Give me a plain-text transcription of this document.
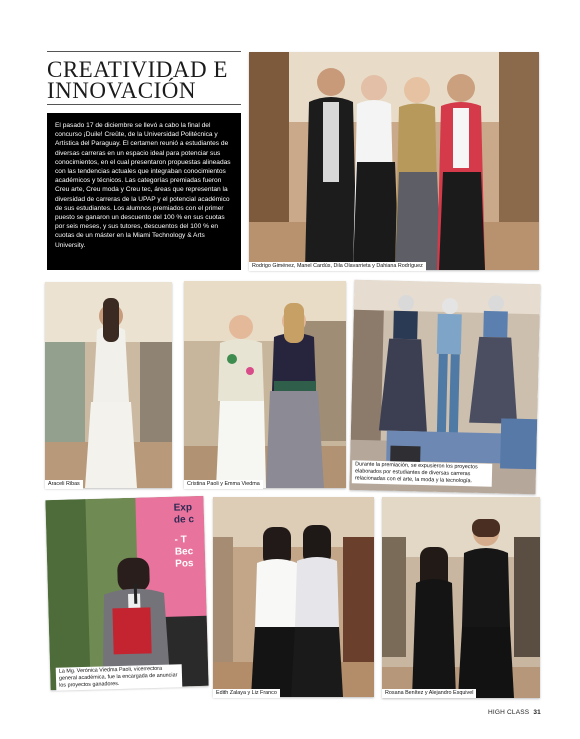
CREATIVIDAD E
INNOVACIÓN
El pasado 17 de diciembre se llevó a cabo la final del concurso ¡Duile! Creüte, de la Universidad Politécnica y Artística del Paraguay. El certamen reunió a estudiantes de diversas carreras en un espacio ideal para potenciar sus conocimientos, en el cual presentaron propuestas alineadas con las tendencias actuales que integraban conocimientos académicos y técnicos. Las categorías premiadas fueron Creu arte, Creu moda y Creu tec, áreas que representan la diversidad de carreras de la UPAP y el potencial académico de sus estudiantes. Los alumnos premiados con el primer puesto se ganaron un descuento del 100 % en sus cuotas por seis meses, y sus tutores, descuentos del 100 % en cuotas de un máster en la Miami Technology & Arts University.
Rodrigo Giménez, Manel Cardús, Dila Olavarrieta y Dahiana Rodríguez
Araceli Ribas	Cristina Paoli y Emma Viedma
Durante la premiación, se expusieron los proyectos elaborados por estudiantes de diversas carreras relacionadas con el arte, la moda y la tecnología.
Exp
de c
- T
Bec
Pos
La Mg. Verónica Viedma Paoli, vicerrectora general académica, fue la encargada de anunciar los proyectos ganadores.
Edith Zalaya y Liz Franco	Rosana Benítez y Alejandro Esquivel
HIGH CLASS 31
